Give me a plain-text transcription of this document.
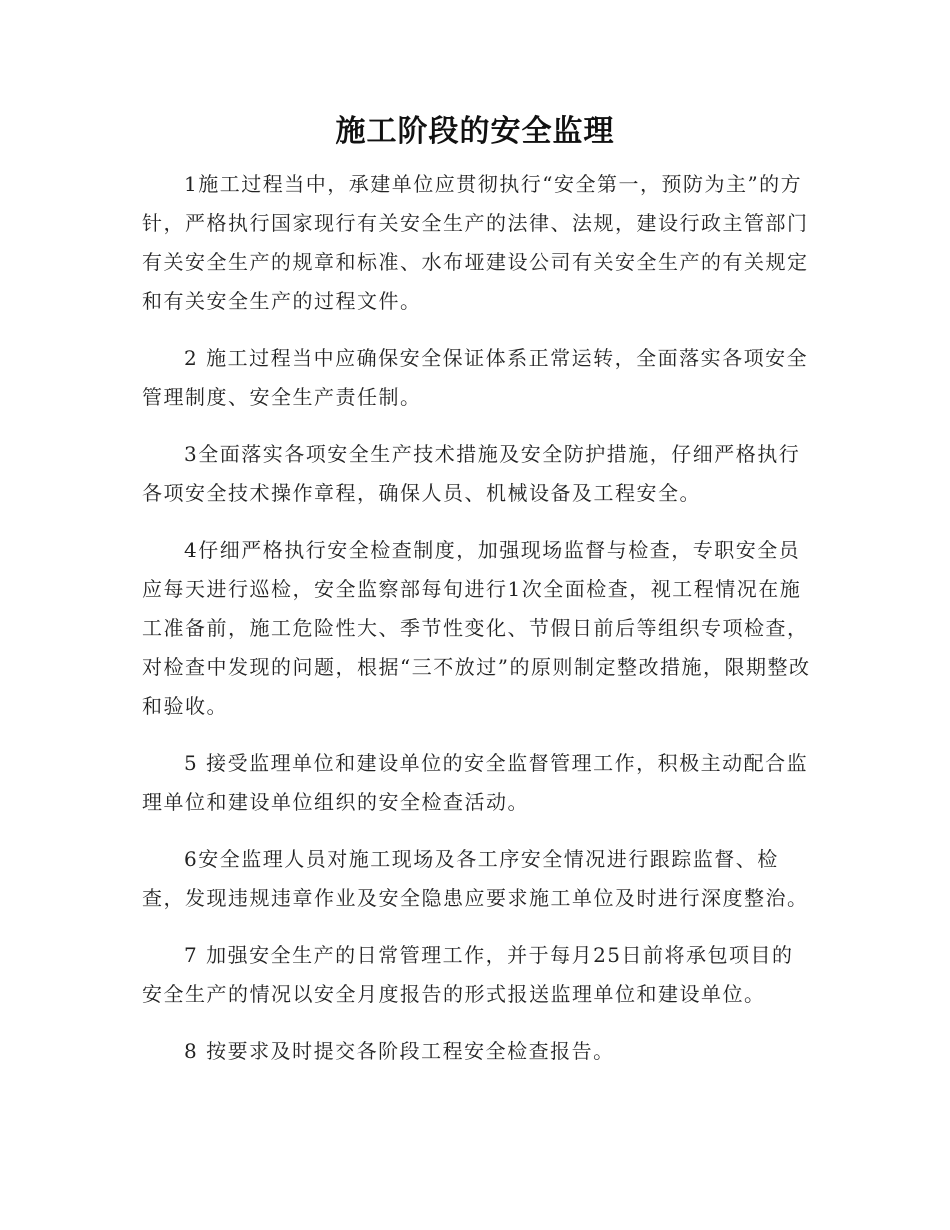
施工阶段的安全监理

1施工过程当中，承建单位应贯彻执行“安全第一，预防为主”的方针，严格执行国家现行有关安全生产的法律、法规，建设行政主管部门有关安全生产的规章和标准、水布垭建设公司有关安全生产的有关规定和有关安全生产的过程文件。

2 施工过程当中应确保安全保证体系正常运转，全面落实各项安全管理制度、安全生产责任制。

3全面落实各项安全生产技术措施及安全防护措施，仔细严格执行各项安全技术操作章程，确保人员、机械设备及工程安全。

4仔细严格执行安全检查制度，加强现场监督与检查，专职安全员应每天进行巡检，安全监察部每旬进行1次全面检查，视工程情况在施工准备前，施工危险性大、季节性变化、节假日前后等组织专项检查，对检查中发现的问题，根据“三不放过”的原则制定整改措施，限期整改和验收。

5 接受监理单位和建设单位的安全监督管理工作，积极主动配合监理单位和建设单位组织的安全检查活动。

6安全监理人员对施工现场及各工序安全情况进行跟踪监督、检查，发现违规违章作业及安全隐患应要求施工单位及时进行深度整治。

7 加强安全生产的日常管理工作，并于每月25日前将承包项目的安全生产的情况以安全月度报告的形式报送监理单位和建设单位。

8 按要求及时提交各阶段工程安全检查报告。
